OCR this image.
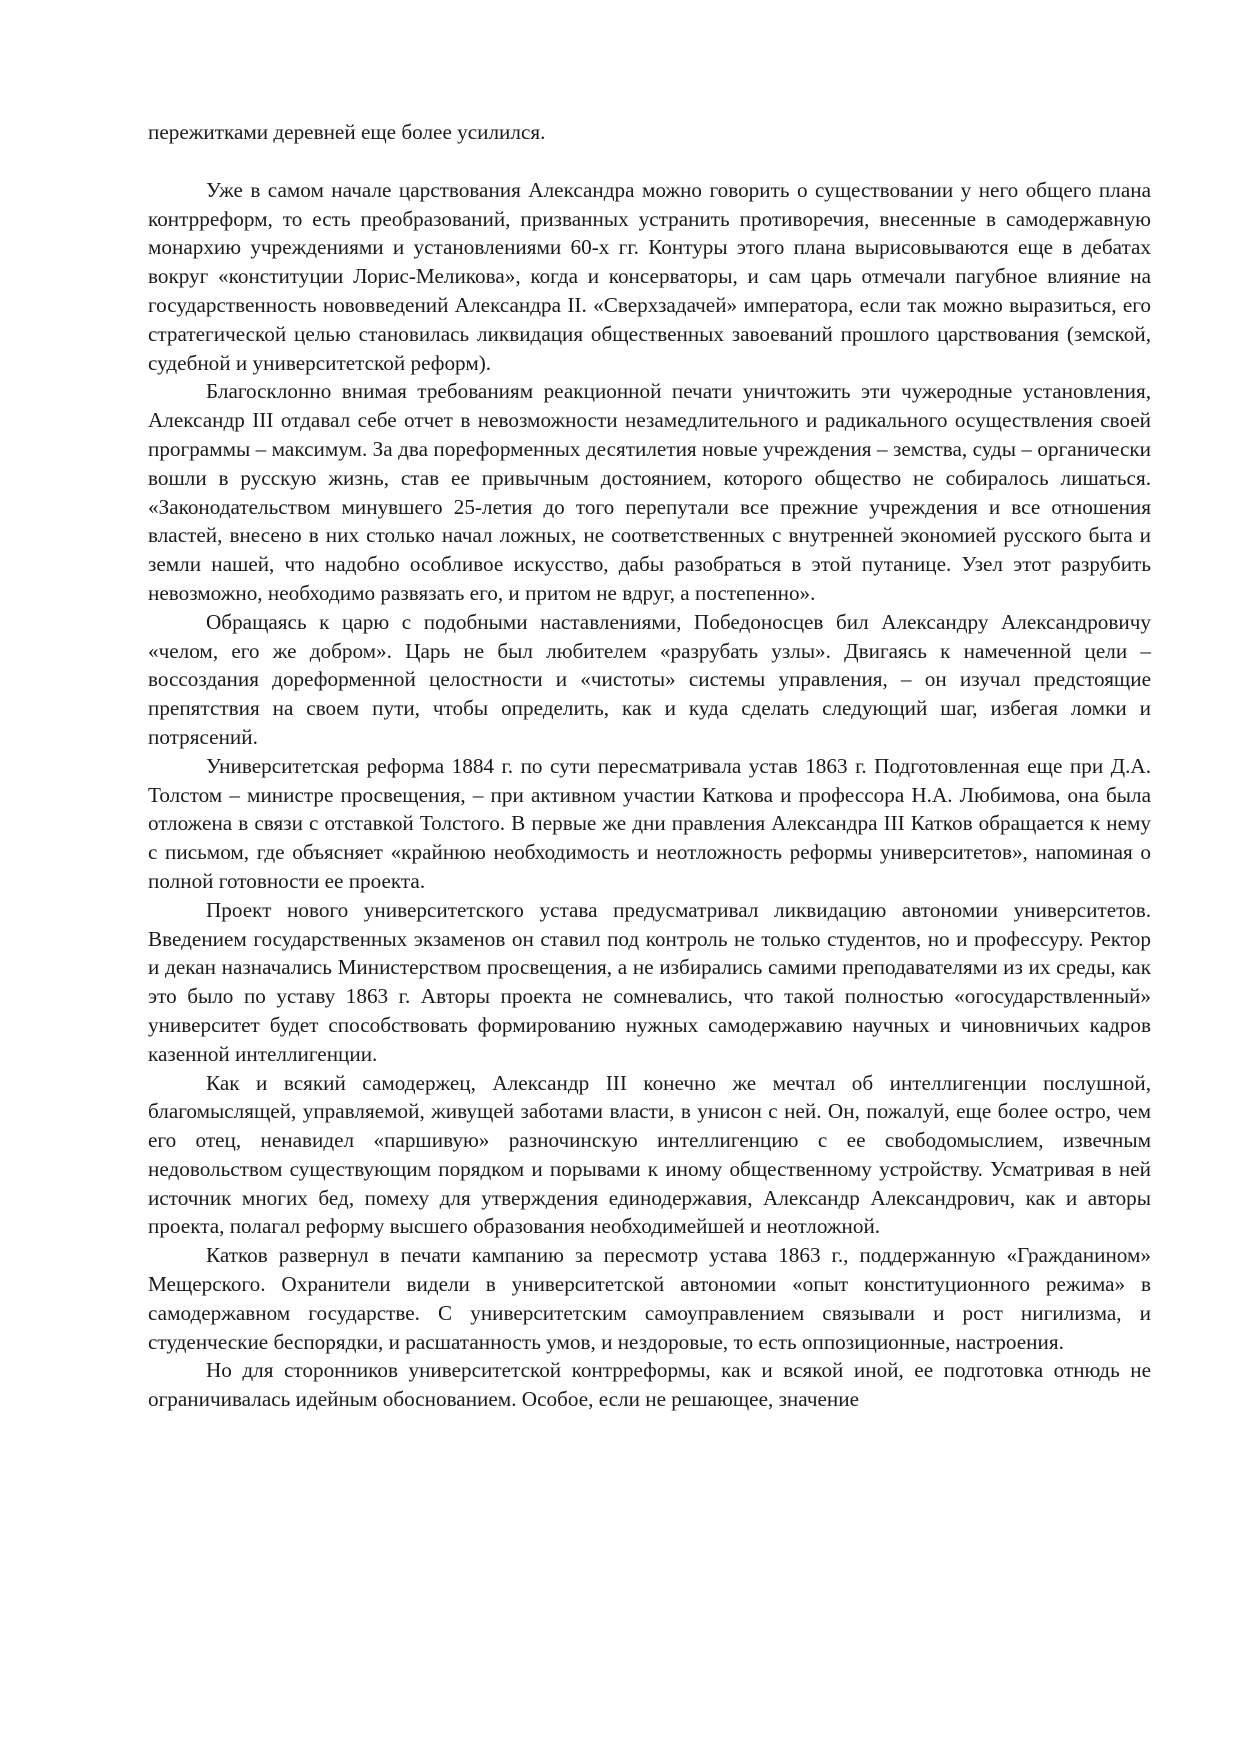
пережитками деревней еще более усилился.

Уже в самом начале царствования Александра можно говорить о существовании у него общего плана контрреформ, то есть преобразований, призванных устранить противоречия, внесенные в самодержавную монархию учреждениями и установлениями 60-х гг. Контуры этого плана вырисовываются еще в дебатах вокруг «конституции Лорис-Меликова», когда и консерваторы, и сам царь отмечали пагубное влияние на государственность нововведений Александра II. «Сверхзадачей» императора, если так можно выразиться, его стратегической целью становилась ликвидация общественных завоеваний прошлого царствования (земской, судебной и университетской реформ).

Благосклонно внимая требованиям реакционной печати уничтожить эти чужеродные установления, Александр III отдавал себе отчет в невозможности незамедлительного и радикального осуществления своей программы – максимум. За два пореформенных десятилетия новые учреждения – земства, суды – органически вошли в русскую жизнь, став ее привычным достоянием, которого общество не собиралось лишаться. «Законодательством минувшего 25-летия до того перепутали все прежние учреждения и все отношения властей, внесено в них столько начал ложных, не соответственных с внутренней экономией русского быта и земли нашей, что надобно особливое искусство, дабы разобраться в этой путанице. Узел этот разрубить невозможно, необходимо развязать его, и притом не вдруг, а постепенно».

Обращаясь к царю с подобными наставлениями, Победоносцев бил Александру Александровичу «челом, его же добром». Царь не был любителем «разрубать узлы». Двигаясь к намеченной цели – воссоздания дореформенной целостности и «чистоты» системы управления, – он изучал предстоящие препятствия на своем пути, чтобы определить, как и куда сделать следующий шаг, избегая ломки и потрясений.

Университетская реформа 1884 г. по сути пересматривала устав 1863 г. Подготовленная еще при Д.А. Толстом – министре просвещения, – при активном участии Каткова и профессора Н.А. Любимова, она была отложена в связи с отставкой Толстого. В первые же дни правления Александра III Катков обращается к нему с письмом, где объясняет «крайнюю необходимость и неотложность реформы университетов», напоминая о полной готовности ее проекта.

Проект нового университетского устава предусматривал ликвидацию автономии университетов. Введением государственных экзаменов он ставил под контроль не только студентов, но и профессуру. Ректор и декан назначались Министерством просвещения, а не избирались самими преподавателями из их среды, как это было по уставу 1863 г. Авторы проекта не сомневались, что такой полностью «огосударствленный» университет будет способствовать формированию нужных самодержавию научных и чиновничьих кадров казенной интеллигенции.

Как и всякий самодержец, Александр III конечно же мечтал об интеллигенции послушной, благомыслящей, управляемой, живущей заботами власти, в унисон с ней. Он, пожалуй, еще более остро, чем его отец, ненавидел «паршивую» разночинскую интеллигенцию с ее свободомыслием, извечным недовольством существующим порядком и порывами к иному общественному устройству. Усматривая в ней источник многих бед, помеху для утверждения единодержавия, Александр Александрович, как и авторы проекта, полагал реформу высшего образования необходимейшей и неотложной.

Катков развернул в печати кампанию за пересмотр устава 1863 г., поддержанную «Гражданином» Мещерского. Охранители видели в университетской автономии «опыт конституционного режима» в самодержавном государстве. С университетским самоуправлением связывали и рост нигилизма, и студенческие беспорядки, и расшатанность умов, и нездоровые, то есть оппозиционные, настроения.

Но для сторонников университетской контрреформы, как и всякой иной, ее подготовка отнюдь не ограничивалась идейным обоснованием. Особое, если не решающее, значение
